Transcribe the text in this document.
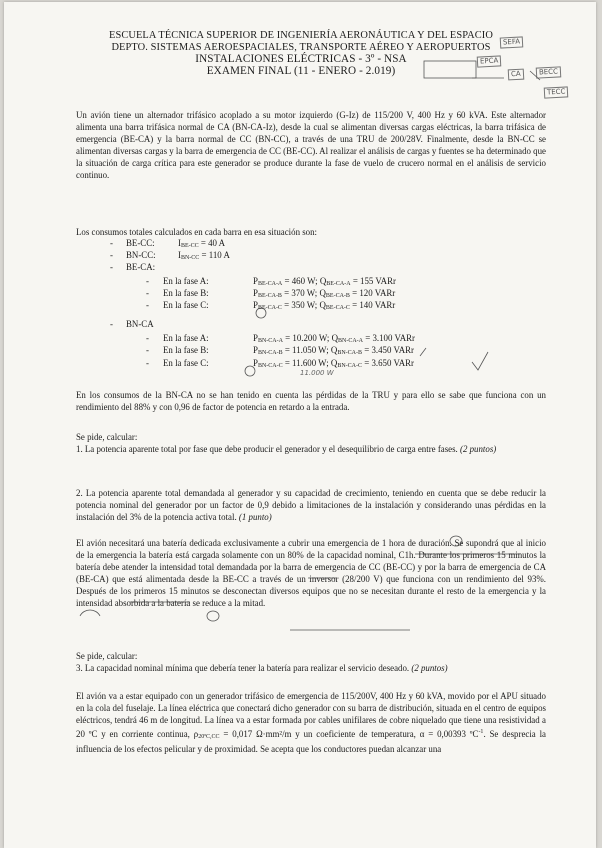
ESCUELA TÉCNICA SUPERIOR DE INGENIERÍA AERONÁUTICA Y DEL ESPACIO
DEPTO. SISTEMAS AEROESPACIALES, TRANSPORTE AÉREO Y AEROPUERTOS
INSTALACIONES ELÉCTRICAS - 3º - NSA
EXAMEN FINAL (11 - ENERO - 2.019)
SEFA
EPCA
CA	BECC
TECC

Un avión tiene un alternador trifásico acoplado a su motor izquierdo (G-Iz) de 115/200 V, 400 Hz y 60 kVA. Este alternador alimenta una barra trifásica normal de CA (BN-CA-Iz), desde la cual se alimentan diversas cargas eléctricas, la barra trifásica de emergencia (BE-CA) y la barra normal de CC (BN-CC), a través de una TRU de 200/28V. Finalmente, desde la BN-CC se alimentan diversas cargas y la barra de emergencia de CC (BE-CC). Al realizar el análisis de cargas y fuentes se ha determinado que la situación de carga crítica para este generador se produce durante la fase de vuelo de crucero normal en el análisis de servicio continuo.

Los consumos totales calculados en cada barra en esa situación son:

- BE-CC:	IBE-CC = 40 A
- BN-CC:	IBN-CC = 110 A
- BE-CA:
- En la fase A:	PBE-CA-A = 460 W; QBE-CA-A = 155 VARr
- En la fase B:	PBE-CA-B = 370 W; QBE-CA-B = 120 VARr
- En la fase C:	PBE-CA-C = 350 W; QBE-CA-C = 140 VARr
- BN-CA
- En la fase A:	PBN-CA-A = 10.200 W; QBN-CA-A = 3.100 VARr
- En la fase B:	PBN-CA-B = 11.050 W; QBN-CA-B = 3.450 VARr
- En la fase C:	PBN-CA-C = 11.600 W; QBN-CA-C = 3.650 VARr
11.000 W

En los consumos de la BN-CA no se han tenido en cuenta las pérdidas de la TRU y para ello se sabe que funciona con un rendimiento del 88% y con 0,96 de factor de potencia en retardo a la entrada.

Se pide, calcular:

1. La potencia aparente total por fase que debe producir el generador y el desequilibrio de carga entre fases. (2 puntos)

2. La potencia aparente total demandada al generador y su capacidad de crecimiento, teniendo en cuenta que se debe reducir la potencia nominal del generador por un factor de 0,9 debido a limitaciones de la instalación y considerando unas pérdidas en la instalación del 3% de la potencia activa total. (1 punto)

El avión necesitará una batería dedicada exclusivamente a cubrir una emergencia de 1 hora de duración. Se supondrá que al inicio de la emergencia la batería está cargada solamente con un 80% de la capacidad nominal, C1h. Durante los primeros 15 minutos la batería debe atender la intensidad total demandada por la barra de emergencia de CC (BE-CC) y por la barra de emergencia de CA (BE-CA) que está alimentada desde la BE-CC a través de un inversor (28/200 V) que funciona con un rendimiento del 93%. Después de los primeros 15 minutos se desconectan diversos equipos que no se necesitan durante el resto de la emergencia y la intensidad absorbida a la batería se reduce a la mitad.

Se pide, calcular:

3. La capacidad nominal mínima que debería tener la batería para realizar el servicio deseado. (2 puntos)

El avión va a estar equipado con un generador trifásico de emergencia de 115/200V, 400 Hz y 60 kVA, movido por el APU situado en la cola del fuselaje. La línea eléctrica que conectará dicho generador con su barra de distribución, situada en el centro de equipos eléctricos, tendrá 46 m de longitud. La línea va a estar formada por cables unifilares de cobre niquelado que tiene una resistividad a 20 ºC y en corriente continua, ρ20ºC,CC = 0,017 Ω·mm²/m y un coeficiente de temperatura, α = 0,00393 ºC$^{-1}$. Se desprecia la influencia de los efectos pelicular y de proximidad. Se acepta que los conductores puedan alcanzar una
